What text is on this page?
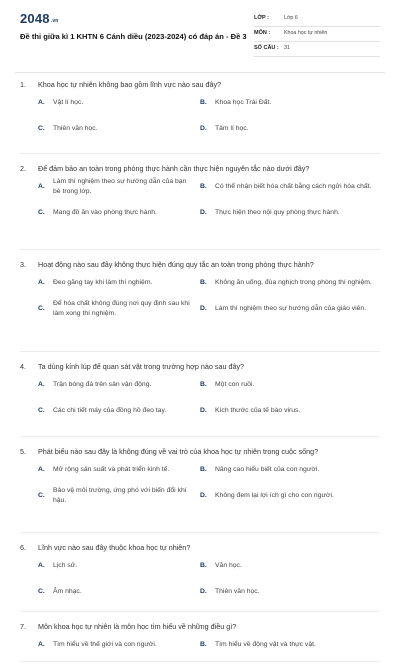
$2048^{.vn}$
Đề thi giữa kì 1 KHTN 6 Cánh diều (2023-2024) có đáp án - Đề 3
LỚP :	Lớp 6
MÔN :	Khoa học tự nhiên
SỐ CÂU : 31
1.	Khoa học tự nhiên không bao gồm lĩnh vực nào sau đây?
A.	Vật lí học.	B.	Khoa học Trái Đất.
C.	Thiên văn học.	D.	Tâm lí học.
2.	Để đảm bảo an toàn trong phòng thực hành cần thực hiện nguyên tắc nào dưới đây?
A.
Làm thí nghiệm theo sự hướng dẫn của bạn bè trong lớp.
B.	Có thể nhận biết hóa chất bằng cách ngửi hóa chất.
C.	Mang đồ ăn vào phòng thực hành.	D.	Thực hiện theo nội quy phòng thực hành.
3.	Hoạt động nào sau đây không thực hiện đúng quy tắc an toàn trong phòng thực hành?
A.	Đeo găng tay khi làm thí nghiệm.	B.	Không ăn uống, đùa nghịch trong phòng thí nghiệm.
C.
Để hóa chất không đúng nơi quy định sau khi làm xong thí nghiệm.
D.	Làm thí nghiệm theo sự hướng dẫn của giáo viên.
4.	Ta dùng kính lúp để quan sát vật trong trường hợp nào sau đây?
A.	Trận bóng đá trên sân vận động.	B.	Một con ruồi.
C.	Các chi tiết máy của đồng hồ đeo tay.	D.	Kích thước của tế bào virus.
5.	Phát biểu nào sau đây là không đúng về vai trò của khoa học tự nhiên trong cuộc sống?
A.	Mở rộng sản suất và phát triển kinh tế.	B.	Nâng cao hiểu biết của con người.
C.
Bảo vệ môi trường, ứng phó với biến đổi khí hậu.
D.	Không đem lại lợi ích gì cho con người.
6.	Lĩnh vực nào sau đây thuộc khoa học tự nhiên?
A.	Lịch sử.	B.	Văn học.
C.	Âm nhạc.	D.	Thiên văn học.
7.	Môn khoa học tự nhiên là môn học tìm hiểu về những điều gì?
A.	Tìm hiểu về thế giới và con người.	B.	Tìm hiểu về động vật và thực vật.
